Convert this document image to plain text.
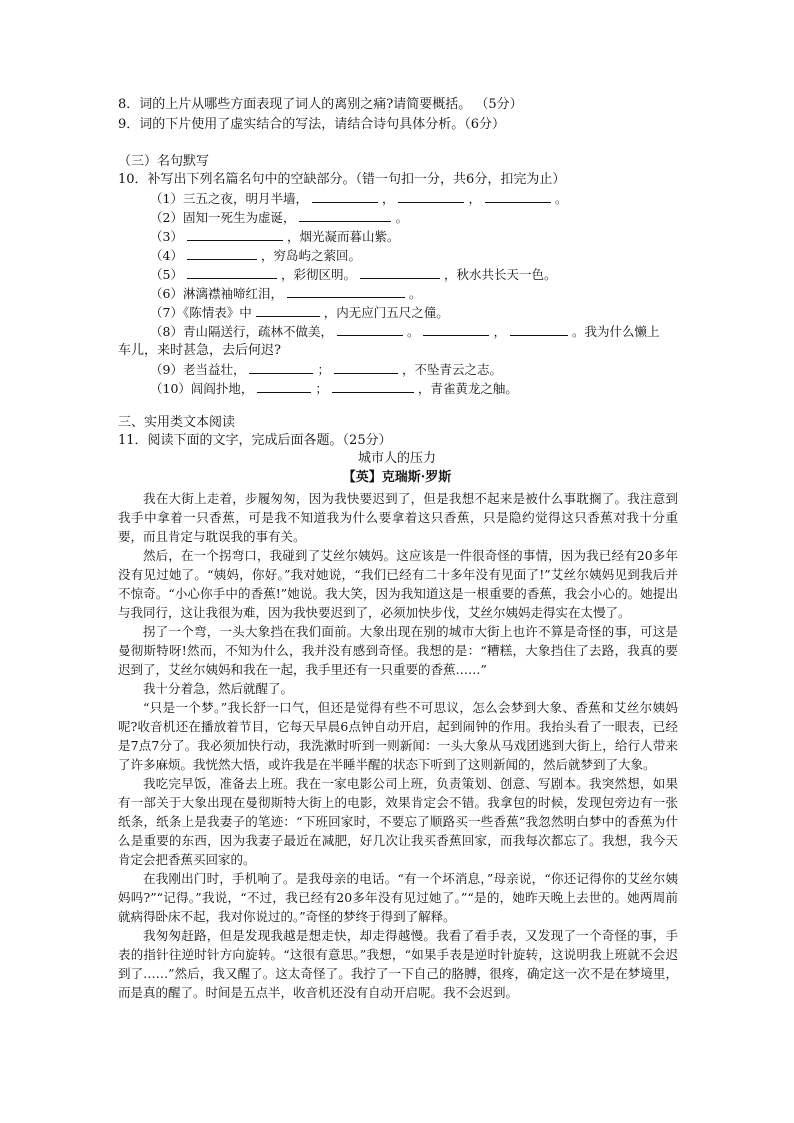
8．词的上片从哪些方面表现了词人的离别之痛?请简要概括。 （5分）
9．词的下片使用了虚实结合的写法，请结合诗句具体分析。（6分）
（三）名句默写
10．补写出下列名篇名句中的空缺部分。（错一句扣一分，共6分，扣完为止）
（1）三五之夜，明月半墙，	，	，	。
（2）固知一死生为虚诞，	。
（3）	，烟光凝而暮山紫。
（4）	，穷岛屿之萦回。
（5）	，彩彻区明。	，秋水共长天一色。
（6）淋漓襟袖啼红泪，	。
（7）《陈情表》中	，内无应门五尺之僮。
（8）青山隔送行，疏林不做美，	。	，	。我为什么懒上
车儿，来时甚急，去后何迟?
（9）老当益壮，	；	，不坠青云之志。
（10）闾阎扑地，	；	，青雀黄龙之舳。
三、实用类文本阅读
11．阅读下面的文字，完成后面各题。（25分）
城市人的压力
【英】克瑞斯·罗斯

我在大街上走着，步履匆匆，因为我快要迟到了，但是我想不起来是被什么事耽搁了。我注意到我手中拿着一只香蕉，可是我不知道我为什么要拿着这只香蕉，只是隐约觉得这只香蕉对我十分重要，而且肯定与耽误我的事有关。

然后，在一个拐弯口，我碰到了艾丝尔姨妈。这应该是一件很奇怪的事情，因为我已经有20多年没有见过她了。“姨妈，你好。”我对她说，“我们已经有二十多年没有见面了!”艾丝尔姨妈见到我后并不惊奇。“小心你手中的香蕉!”她说。我大笑，因为我知道这是一根重要的香蕉，我会小心的。她提出与我同行，这让我很为难，因为我快要迟到了，必须加快步伐，艾丝尔姨妈走得实在太慢了。

拐了一个弯，一头大象挡在我们面前。大象出现在别的城市大街上也许不算是奇怪的事，可这是曼彻斯特呀!然而，不知为什么，我并没有感到奇怪。我想的是：“糟糕，大象挡住了去路，我真的要迟到了，艾丝尔姨妈和我在一起，我手里还有一只重要的香蕉……”

我十分着急，然后就醒了。

“只是一个梦。”我长舒一口气，但还是觉得有些不可思议，怎么会梦到大象、香蕉和艾丝尔姨妈呢?收音机还在播放着节目，它每天早晨6点钟自动开启，起到闹钟的作用。我抬头看了一眼表，已经是7点7分了。我必须加快行动，我洗漱时听到一则新闻：一头大象从马戏团逃到大街上，给行人带来了许多麻烦。我恍然大悟，或许我是在半睡半醒的状态下听到了这则新闻的，然后就梦到了大象。

我吃完早饭，准备去上班。我在一家电影公司上班，负责策划、创意、写剧本。我突然想，如果有一部关于大象出现在曼彻斯特大街上的电影，效果肯定会不错。我拿包的时候，发现包旁边有一张纸条，纸条上是我妻子的笔迹：“下班回家时，不要忘了顺路买一些香蕉”我忽然明白梦中的香蕉为什么是重要的东西，因为我妻子最近在减肥，好几次让我买香蕉回家，而我每次都忘了。我想，我今天肯定会把香蕉买回家的。

在我刚出门时，手机响了。是我母亲的电话。“有一个坏消息，”母亲说，“你还记得你的艾丝尔姨妈吗?”“记得。”我说，“不过，我已经有20多年没有见过她了。”“是的，她昨天晚上去世的。她两周前就病得卧床不起，我对你说过的。”奇怪的梦终于得到了解释。

我匆匆赶路，但是发现我越是想走快，却走得越慢。我看了看手表，又发现了一个奇怪的事，手表的指针往逆时针方向旋转。“这很有意思。”我想，“如果手表是逆时针旋转，这说明我上班就不会迟到了……”然后，我又醒了。这太奇怪了。我拧了一下自己的胳膊，很疼，确定这一次不是在梦境里，而是真的醒了。时间是五点半，收音机还没有自动开启呢。我不会迟到。
